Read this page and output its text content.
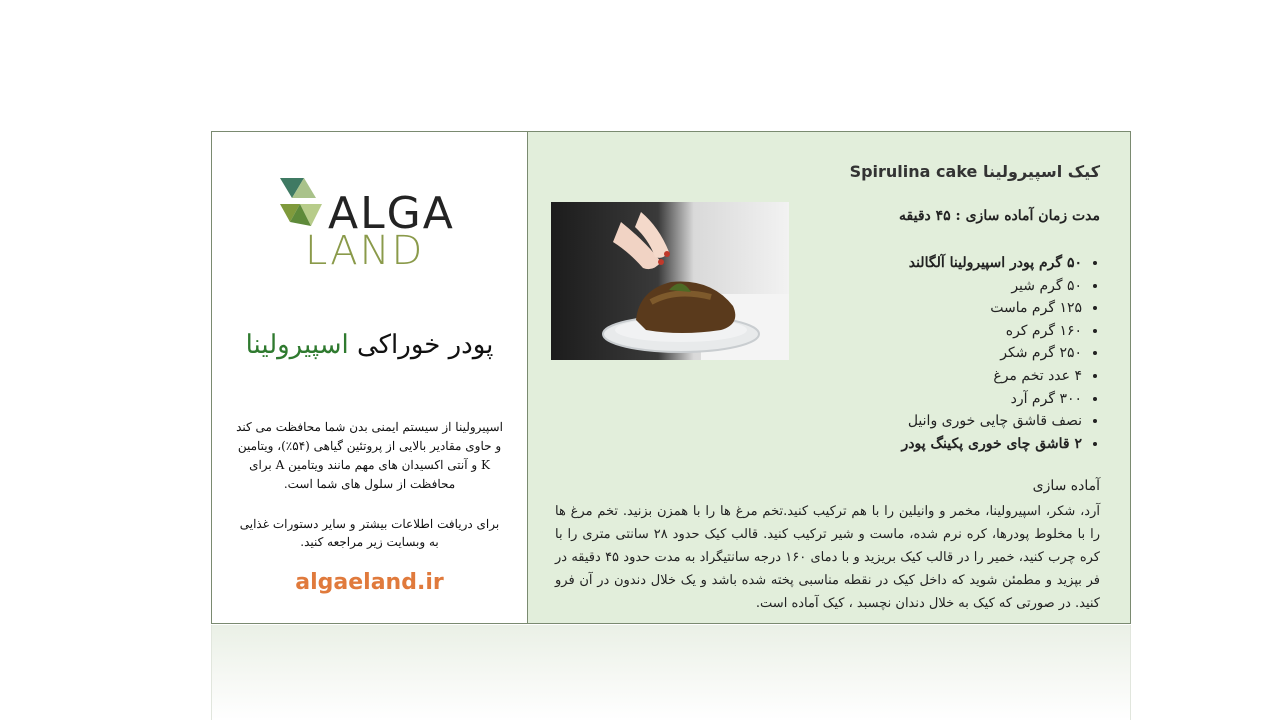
ALGA
LAND
پودر خوراکی اسپیرولینا
اسپیرولینا از سیستم ایمنی بدن شما محافظت می کند و حاوی مقادیر بالایی از پروتئین گیاهی (۵۴٪)، ویتامین K و آنتی اکسیدان های مهم مانند ویتامین A برای محافظت از سلول های شما است.
برای دریافت اطلاعات بیشتر و سایر دستورات غذایی به وبسایت زیر مراجعه کنید.
algaeland.ir
کیک اسپیرولینا Spirulina cake
مدت زمان آماده سازی : ۴۵ دقیقه
• ۵۰ گرم پودر اسپیرولینا آلگالند
• ۵۰ گرم شیر
• ۱۲۵ گرم ماست
• ۱۶۰ گرم کره
• ۲۵۰ گرم شکر
• ۴ عدد تخم مرغ
• ۳۰۰ گرم آرد
• نصف قاشق چایی خوری وانیل
• ۲ قاشق چای خوری پکینگ پودر
آماده سازی

آرد، شکر، اسپیرولینا، مخمر و وانیلین را با هم ترکیب کنید.تخم مرغ ها را با همزن بزنید. تخم مرغ ها را با مخلوط پودرها، کره نرم شده، ماست و شیر ترکیب کنید. قالب کیک حدود ۲۸ سانتی متری را با کره چرب کنید، خمیر را در قالب کیک بریزید و با دمای ۱۶۰ درجه سانتیگراد به مدت حدود ۴۵ دقیقه در فر بپزید و مطمئن شوید که داخل کیک در نقطه مناسبی پخته شده باشد و یک خلال دندون در آن فرو کنید. در صورتی که کیک به خلال دندان نچسبد ، کیک آماده است.
